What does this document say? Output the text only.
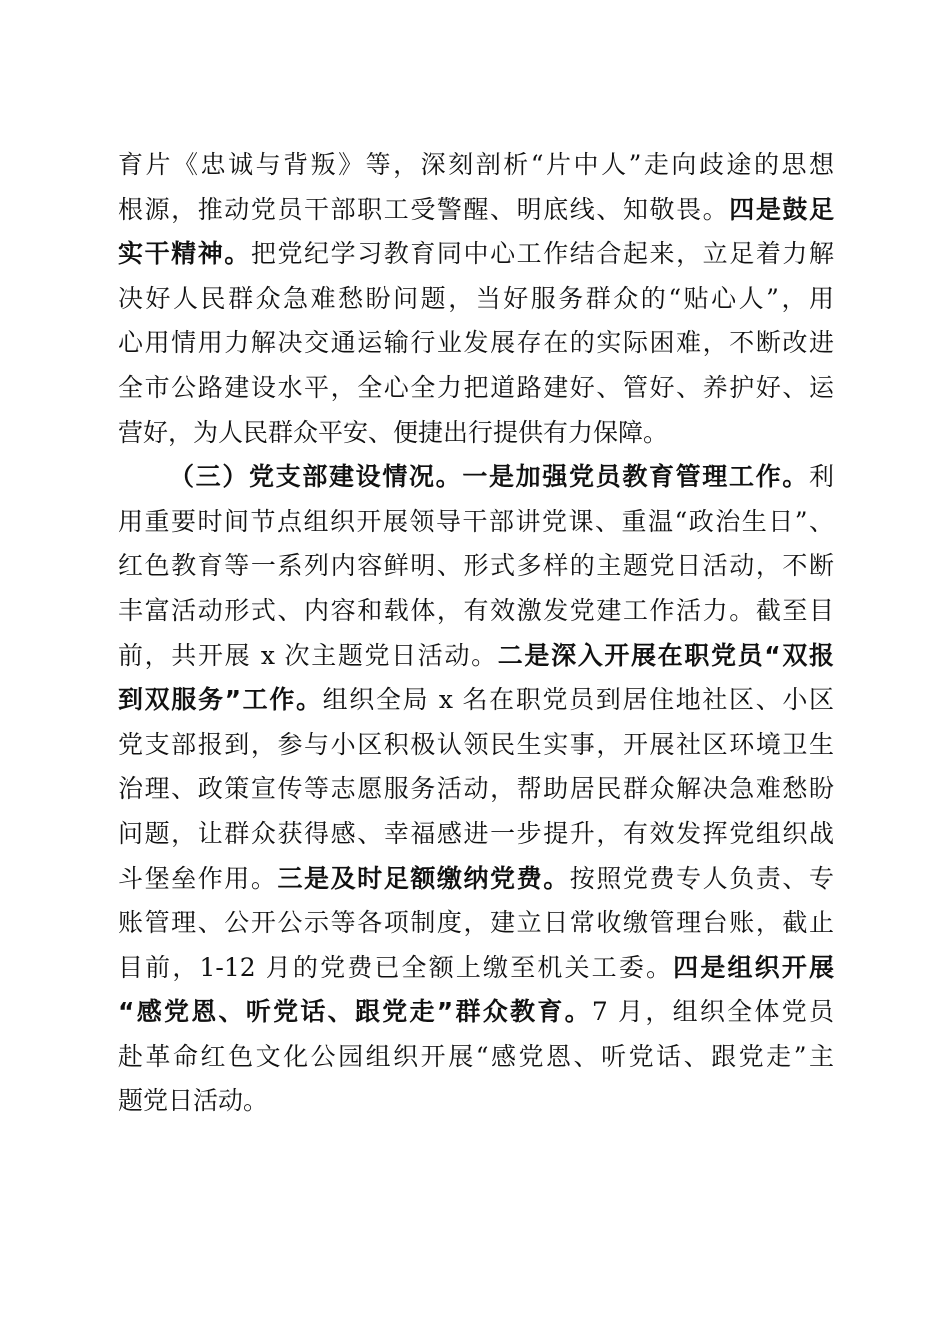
育片《忠诚与背叛》等，深刻剖析“片中人”走向歧途的思想
根源，推动党员干部职工受警醒、明底线、知敬畏。四是鼓足
实干精神。把党纪学习教育同中心工作结合起来，立足着力解
决好人民群众急难愁盼问题，当好服务群众的“贴心人”，用
心用情用力解决交通运输行业发展存在的实际困难，不断改进
全市公路建设水平，全心全力把道路建好、管好、养护好、运
营好，为人民群众平安、便捷出行提供有力保障。
（三）党支部建设情况。一是加强党员教育管理工作。利
用重要时间节点组织开展领导干部讲党课、重温“政治生日”、
红色教育等一系列内容鲜明、形式多样的主题党日活动，不断
丰富活动形式、内容和载体，有效激发党建工作活力。截至目
前，共开展 x 次主题党日活动。二是深入开展在职党员“双报
到双服务”工作。组织全局 x 名在职党员到居住地社区、小区
党支部报到，参与小区积极认领民生实事，开展社区环境卫生
治理、政策宣传等志愿服务活动，帮助居民群众解决急难愁盼
问题，让群众获得感、幸福感进一步提升，有效发挥党组织战
斗堡垒作用。三是及时足额缴纳党费。按照党费专人负责、专
账管理、公开公示等各项制度，建立日常收缴管理台账，截止
目前，1-12 月的党费已全额上缴至机关工委。四是组织开展
“感党恩、听党话、跟党走”群众教育。7 月，组织全体党员
赴革命红色文化公园组织开展“感党恩、听党话、跟党走”主
题党日活动。
